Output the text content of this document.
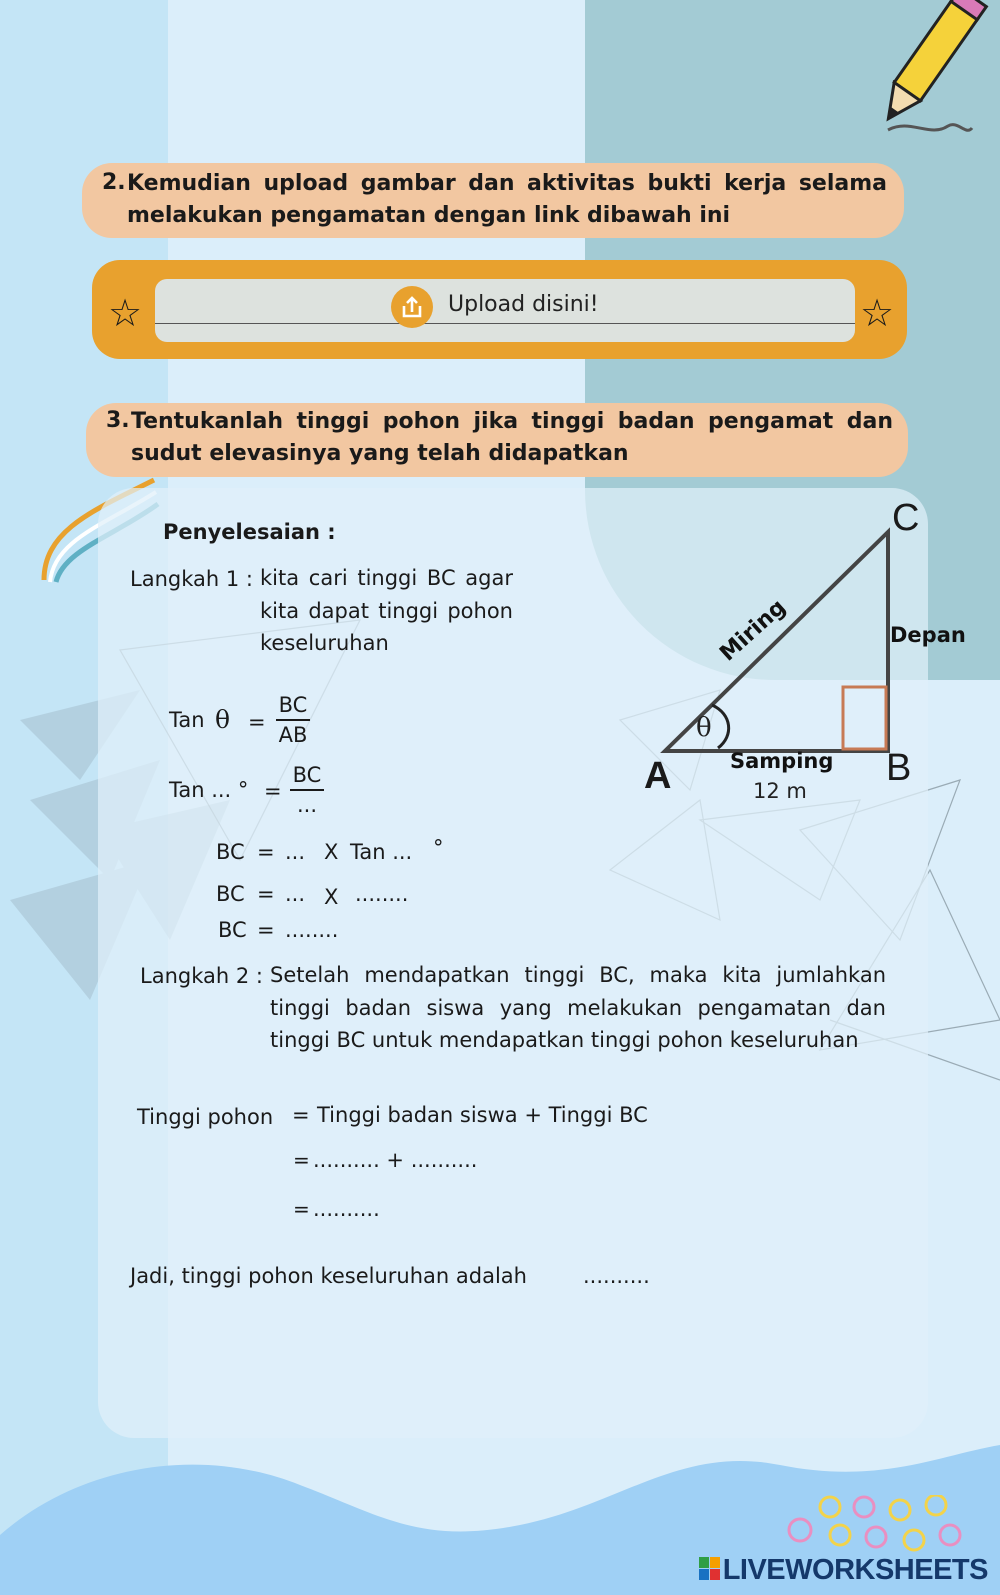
2. Kemudian upload gambar dan aktivitas bukti kerja selama melakukan pengamatan dengan link dibawah ini
☆	☆
Upload disini!
3. Tentukanlah tinggi pohon jika tinggi badan pengamat dan sudut elevasinya yang telah didapatkan
Penyelesaian :
Langkah 1 : kita cari tinggi BC agar kita dapat tinggi pohon keseluruhan
Tan θ =
BC
AB
Tan ... ° =
BC
...
BC = ... X Tan ... °
BC = ... X ........
BC = ........
Langkah 2 : Setelah mendapatkan tinggi BC, maka kita jumlahkan tinggi badan siswa yang melakukan pengamatan dan tinggi BC untuk mendapatkan tinggi pohon keseluruhan
Tinggi pohon = Tinggi badan siswa + Tinggi BC
= .......... + ..........
= ..........
Jadi, tinggi pohon keseluruhan adalah	..........
θ
A	B
C
Miring	Depan
Samping
12 m
LIVEWORKSHEETS
